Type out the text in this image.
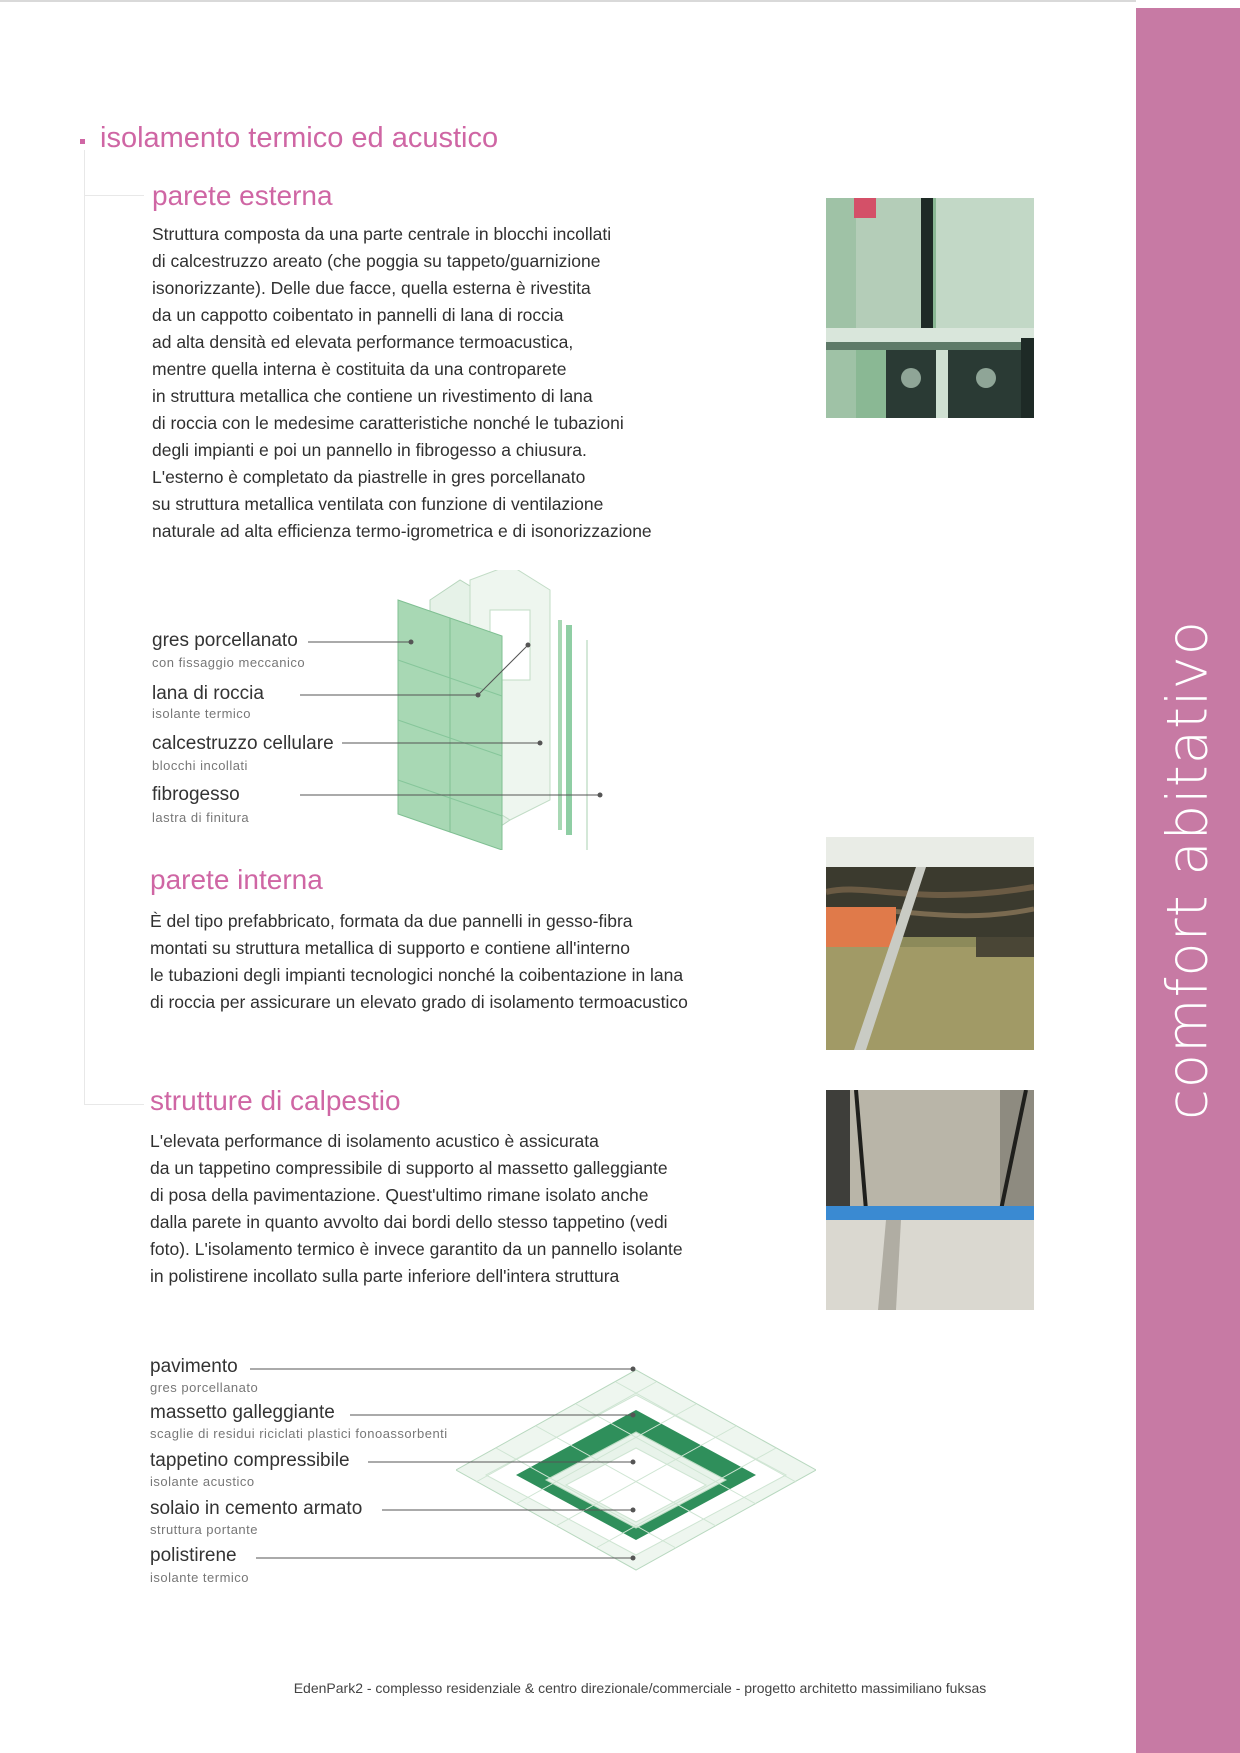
comfort abitativo
isolamento termico ed acustico
parete esterna
Struttura composta da una parte centrale in blocchi incollati
di calcestruzzo areato (che poggia su tappeto/guarnizione
isonorizzante). Delle due facce, quella esterna è rivestita
da un cappotto coibentato in pannelli di lana di roccia
ad alta densità ed elevata performance termoacustica,
mentre quella interna è costituita da una controparete
in struttura metallica che contiene un rivestimento di lana
di roccia con le medesime caratteristiche nonché le tubazioni
degli impianti e poi un pannello in fibrogesso a chiusura.
L'esterno è completato da piastrelle in gres porcellanato
su struttura metallica ventilata con funzione di ventilazione
naturale ad alta efficienza termo-igrometrica e di isonorizzazione
gres porcellanato
con fissaggio meccanico
lana di roccia
isolante termico
calcestruzzo cellulare
blocchi incollati
fibrogesso
lastra di finitura
parete interna
È del tipo prefabbricato, formata da due pannelli in gesso-fibra
montati su struttura metallica di supporto e contiene all'interno
le tubazioni degli impianti tecnologici nonché la coibentazione in lana
di roccia per assicurare un elevato grado di isolamento termoacustico
strutture di calpestio
L'elevata performance di isolamento acustico è assicurata
da un tappetino compressibile di supporto al massetto galleggiante
di posa della pavimentazione. Quest'ultimo rimane isolato anche
dalla parete in quanto avvolto dai bordi dello stesso tappetino (vedi
foto). L'isolamento termico è invece garantito da un pannello isolante
in polistirene incollato sulla parte inferiore dell'intera struttura
pavimento
gres porcellanato
massetto galleggiante
scaglie di residui riciclati plastici fonoassorbenti
tappetino compressibile
isolante acustico
solaio in cemento armato
struttura portante
polistirene
isolante termico
EdenPark2 - complesso residenziale & centro direzionale/commerciale - progetto architetto massimiliano fuksas
